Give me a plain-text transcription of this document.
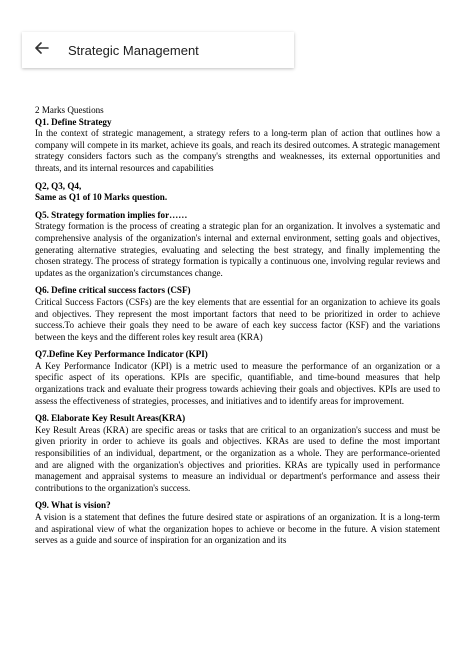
Strategic Management

2 Marks Questions

Q1. Define Strategy

In the context of strategic management, a strategy refers to a long-term plan of action that outlines how a company will compete in its market, achieve its goals, and reach its desired outcomes. A strategic management strategy considers factors such as the company's strengths and weaknesses, its external opportunities and threats, and its internal resources and capabilities

Q2, Q3, Q4,

Same as Q1 of 10 Marks question.

Q5. Strategy formation implies for……

Strategy formation is the process of creating a strategic plan for an organization. It involves a systematic and comprehensive analysis of the organization's internal and external environment, setting goals and objectives, generating alternative strategies, evaluating and selecting the best strategy, and finally implementing the chosen strategy. The process of strategy formation is typically a continuous one, involving regular reviews and updates as the organization's circumstances change.

Q6. Define critical success factors (CSF)

Critical Success Factors (CSFs) are the key elements that are essential for an organization to achieve its goals and objectives. They represent the most important factors that need to be prioritized in order to achieve success.To achieve their goals they need to be aware of each key success factor (KSF) and the variations between the keys and the different roles key result area (KRA)

Q7.Define Key Performance Indicator (KPI)

A Key Performance Indicator (KPI) is a metric used to measure the performance of an organization or a specific aspect of its operations. KPIs are specific, quantifiable, and time-bound measures that help organizations track and evaluate their progress towards achieving their goals and objectives. KPIs are used to assess the effectiveness of strategies, processes, and initiatives and to identify areas for improvement.

Q8. Elaborate Key Result Areas(KRA)

Key Result Areas (KRA) are specific areas or tasks that are critical to an organization's success and must be given priority in order to achieve its goals and objectives. KRAs are used to define the most important responsibilities of an individual, department, or the organization as a whole. They are performance-oriented and are aligned with the organization's objectives and priorities. KRAs are typically used in performance management and appraisal systems to measure an individual or department's performance and assess their contributions to the organization's success.

Q9. What is vision?

A vision is a statement that defines the future desired state or aspirations of an organization. It is a long-term and aspirational view of what the organization hopes to achieve or become in the future. A vision statement serves as a guide and source of inspiration for an organization and its
